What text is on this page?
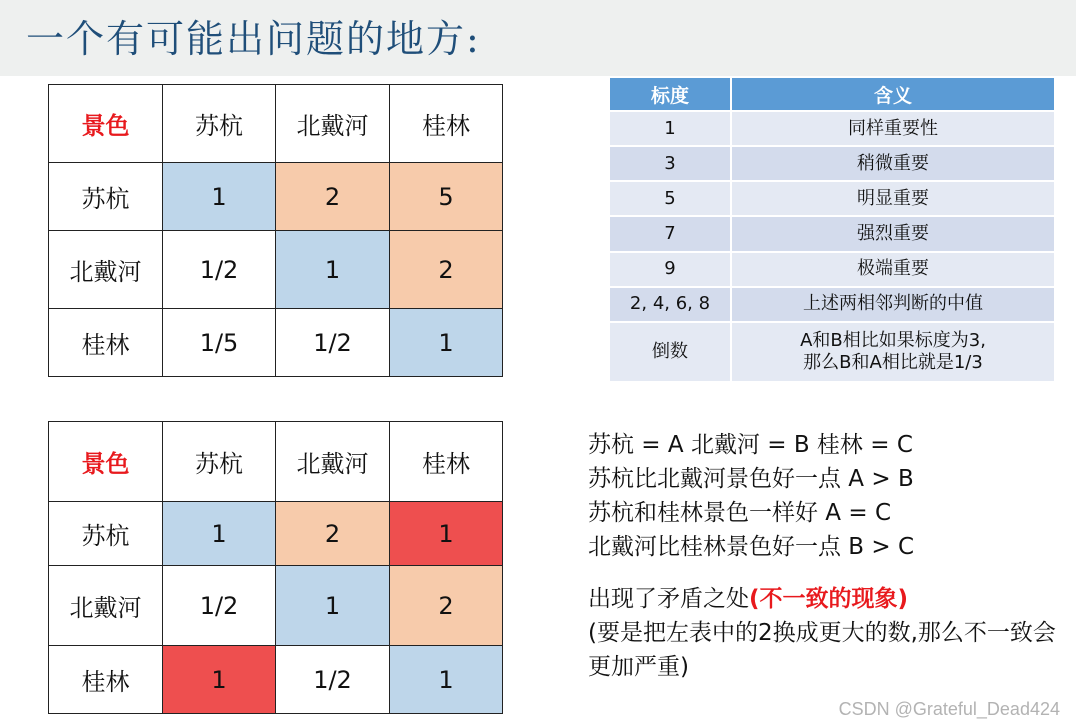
一个有可能出问题的地方:
景色	苏杭	北戴河	桂林
苏杭	1	2	5
北戴河	1/2	1	2
桂林	1/5	1/2	1
景色	苏杭	北戴河	桂林
苏杭	1	2	1
北戴河	1/2	1	2
桂林	1	1/2	1
标度	含义
1	同样重要性
3	稍微重要
5	明显重要
7	强烈重要
9	极端重要
2, 4, 6, 8	上述两相邻判断的中值
倒数	A和B相比如果标度为3,
那么B和A相比就是1/3
苏杭 = A 北戴河 = B 桂林 = C
苏杭比北戴河景色好一点 A > B
苏杭和桂林景色一样好 A = C
北戴河比桂林景色好一点 B > C
出现了矛盾之处(不一致的现象)
(要是把左表中的2换成更大的数,那么不一致会更加严重)
CSDN @Grateful_Dead424
